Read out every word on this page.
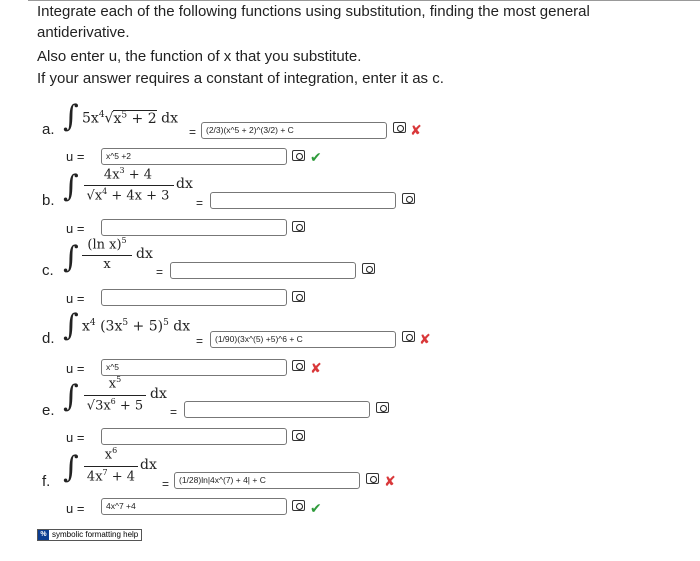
Integrate each of the following functions using substitution, finding the most general
antiderivative.
Also enter u, the function of x that you substitute.
If your answer requires a constant of integration, enter it as c.
a. ∫ $5x^4√x^5 + 2$ dx
=	(2/3)(x^5 + 2)^(3/2) + C	✘
u =	x^5 +2	✔
b. ∫	$4x^3 + 4$
$√x^4 + 4x + 3$
dx
=
u =
c. ∫ (ln x)$^5$
x
dx
=
u =
d. ∫ $x^4$ $(3x^5 + 5)^5$ dx
=	(1/90)(3x^(5) +5)^6 + C	✘
u =	x^5	✘
e. ∫	$x^5$
$√3x^6 + 5$
dx
=
u =
f. ∫	$x^6$
$4x^7 + 4$
dx
=	(1/28)ln|4x^(7) + 4| + C	✘
u =	4x^7 +4	✔
% symbolic formatting help
